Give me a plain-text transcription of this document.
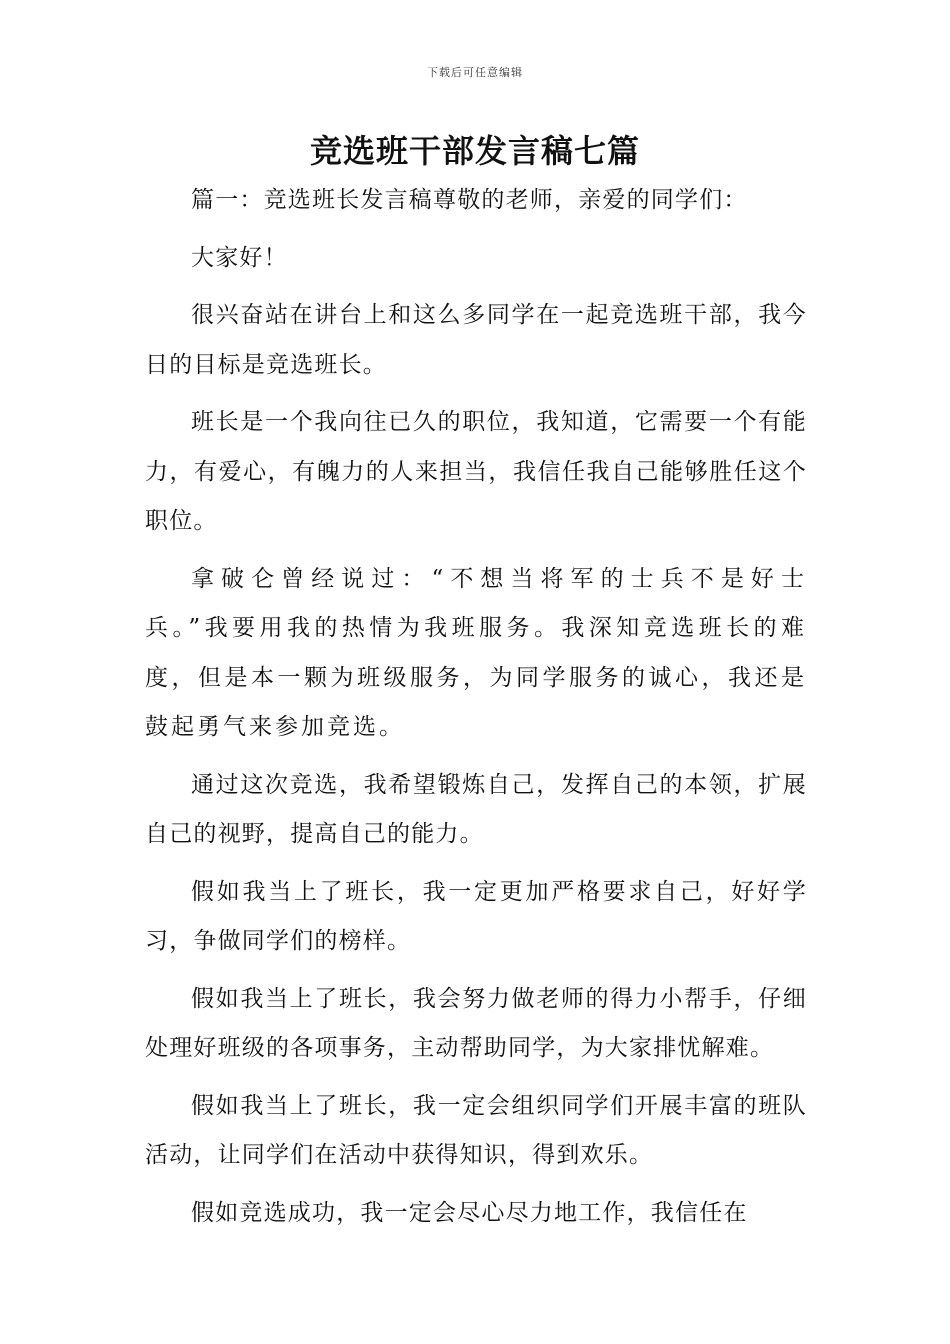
下载后可任意编辑
竞选班干部发言稿七篇

篇一：竞选班长发言稿尊敬的老师，亲爱的同学们：

大家好！

很兴奋站在讲台上和这么多同学在一起竞选班干部，我今日的目标是竞选班长。

班长是一个我向往已久的职位，我知道，它需要一个有能力，有爱心，有魄力的人来担当，我信任我自己能够胜任这个职位。

拿破仑曾经说过：“不想当将军的士兵不是好士兵。”我要用我的热情为我班服务。我深知竞选班长的难度，但是本一颗为班级服务，为同学服务的诚心，我还是鼓起勇气来参加竞选。

通过这次竞选，我希望锻炼自己，发挥自己的本领，扩展自己的视野，提高自己的能力。

假如我当上了班长，我一定更加严格要求自己，好好学习，争做同学们的榜样。

假如我当上了班长，我会努力做老师的得力小帮手，仔细处理好班级的各项事务，主动帮助同学，为大家排忧解难。

假如我当上了班长，我一定会组织同学们开展丰富的班队活动，让同学们在活动中获得知识，得到欢乐。

假如竞选成功，我一定会尽心尽力地工作，我信任在
